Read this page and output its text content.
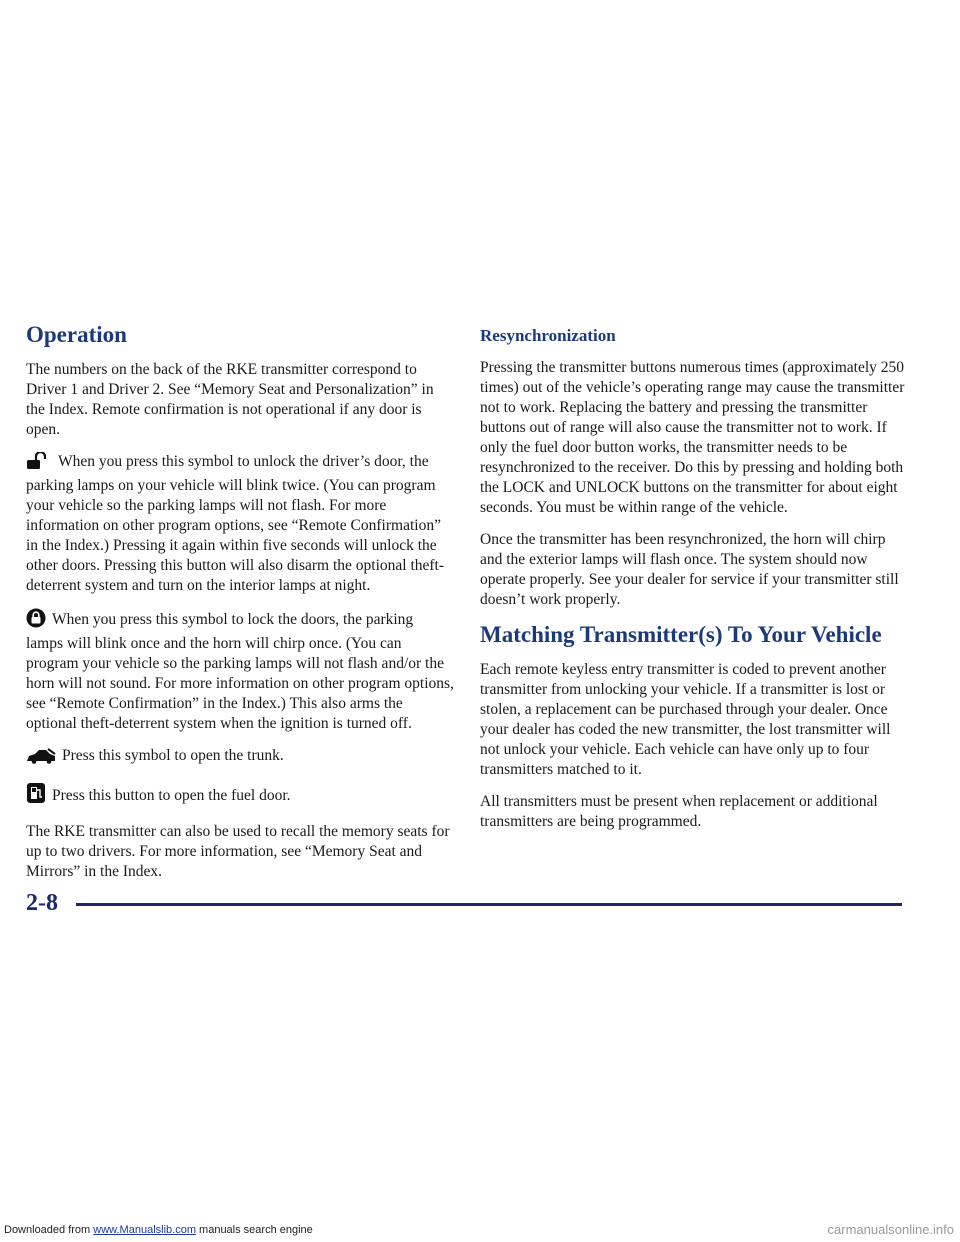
Operation

The numbers on the back of the RKE transmitter correspond to Driver 1 and Driver 2. See “Memory Seat and Personalization” in the Index. Remote confirmation is not operational if any door is open.

When you press this symbol to unlock the driver’s door, the parking lamps on your vehicle will blink twice. (You can program your vehicle so the parking lamps will not flash. For more information on other program options, see “Remote Confirmation” in the Index.) Pressing it again within five seconds will unlock the other doors. Pressing this button will also disarm the optional theft-deterrent system and turn on the interior lamps at night.

When you press this symbol to lock the doors, the parking lamps will blink once and the horn will chirp once. (You can program your vehicle so the parking lamps will not flash and/or the horn will not sound. For more information on other program options, see “Remote Confirmation” in the Index.) This also arms the optional theft-deterrent system when the ignition is turned off.

Press this symbol to open the trunk.

Press this button to open the fuel door.

The RKE transmitter can also be used to recall the memory seats for up to two drivers. For more information, see “Memory Seat and Mirrors” in the Index.

Resynchronization

Pressing the transmitter buttons numerous times (approximately 250 times) out of the vehicle’s operating range may cause the transmitter not to work. Replacing the battery and pressing the transmitter buttons out of range will also cause the transmitter not to work. If only the fuel door button works, the transmitter needs to be resynchronized to the receiver. Do this by pressing and holding both the LOCK and UNLOCK buttons on the transmitter for about eight seconds. You must be within range of the vehicle.

Once the transmitter has been resynchronized, the horn will chirp and the exterior lamps will flash once. The system should now operate properly. See your dealer for service if your transmitter still doesn’t work properly.

Matching Transmitter(s) To Your Vehicle

Each remote keyless entry transmitter is coded to prevent another transmitter from unlocking your vehicle. If a transmitter is lost or stolen, a replacement can be purchased through your dealer. Once your dealer has coded the new transmitter, the lost transmitter will not unlock your vehicle. Each vehicle can have only up to four transmitters matched to it.

All transmitters must be present when replacement or additional transmitters are being programmed.

2-8
Downloaded from www.Manualslib.com manuals search engine	carmanualsonline.info
